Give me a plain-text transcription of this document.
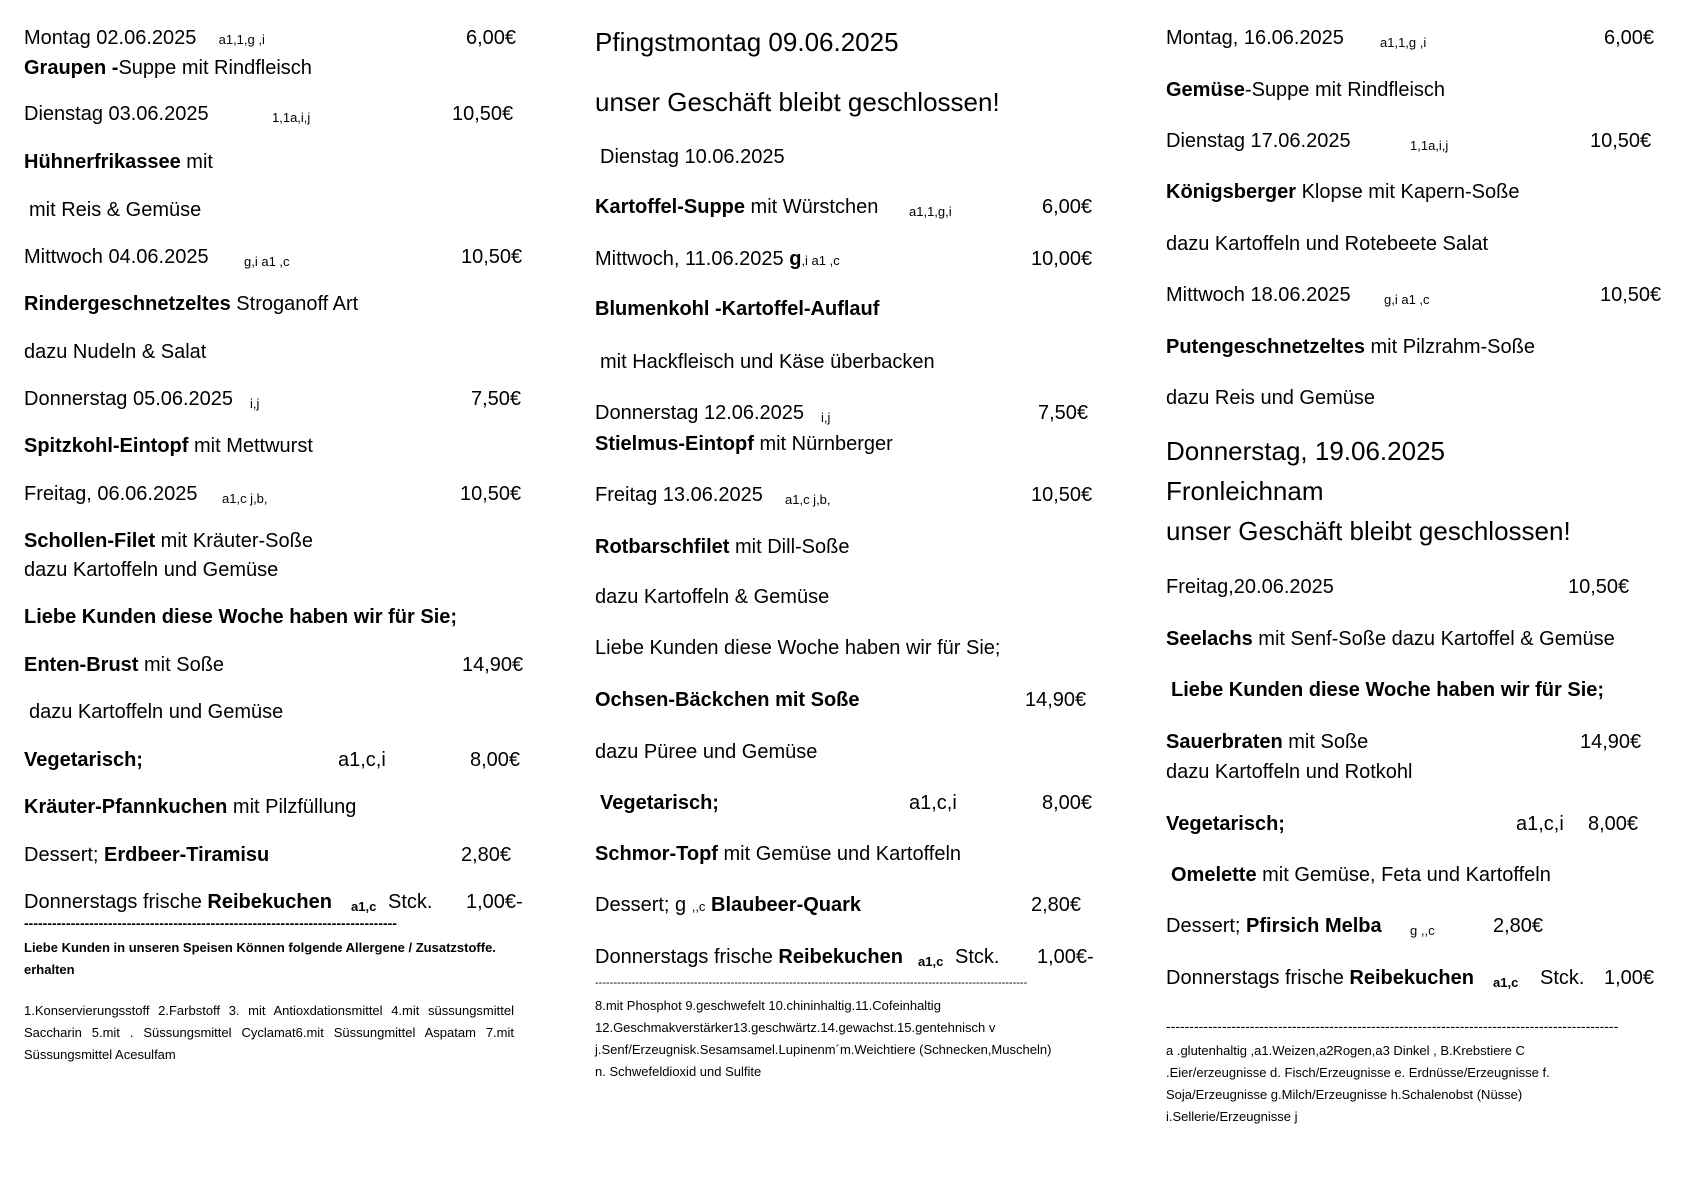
Montag 02.06.2025 a1,1,g ,i	6,00€
Graupen -Suppe mit Rindfleisch
Dienstag 03.06.2025	1,1a,i,j	10,50€
Hühnerfrikassee mit
mit Reis & Gemüse
Mittwoch 04.06.2025	g,i a1 ,c	10,50€
Rindergeschnetzeltes Stroganoff Art
dazu Nudeln & Salat
Donnerstag 05.06.2025 i,j	7,50€
Spitzkohl-Eintopf mit Mettwurst
Freitag, 06.06.2025 a1,c j,b,	10,50€
Schollen-Filet mit Kräuter-Soße
dazu Kartoffeln und Gemüse
Liebe Kunden diese Woche haben wir für Sie;
Enten-Brust mit Soße	14,90€
dazu Kartoffeln und Gemüse
Vegetarisch;	a1,c,i	8,00€
Kräuter-Pfannkuchen mit Pilzfüllung
Dessert; Erdbeer-Tiramisu	2,80€
Donnerstags frische Reibekuchen a1,c Stck. 1,00€-
--------------------------------------------------------------------------------
Liebe Kunden in unseren Speisen Können folgende Allergene / Zusatzstoffe. erhalten
1.Konservierungsstoff 2.Farbstoff 3. mit Antioxdationsmittel 4.mit süssungsmittel Saccharin 5.mit . Süssungsmittel Cyclamat6.mit Süssungmittel Aspatam 7.mit Süssungsmittel Acesulfam
Pfingstmontag 09.06.2025
unser Geschäft bleibt geschlossen!
Dienstag 10.06.2025
Kartoffel-Suppe mit Würstchen a1,1,g,i	6,00€
Mittwoch, 11.06.2025 g,i a1 ,c	10,00€
Blumenkohl -Kartoffel-Auflauf
mit Hackfleisch und Käse überbacken
Donnerstag 12.06.2025 i,j	7,50€
Stielmus-Eintopf mit Nürnberger
Freitag 13.06.2025 a1,c j,b,	10,50€
Rotbarschfilet mit Dill-Soße
dazu Kartoffeln & Gemüse
Liebe Kunden diese Woche haben wir für Sie;
Ochsen-Bäckchen mit Soße	14,90€
dazu Püree und Gemüse
Vegetarisch;	a1,c,i	8,00€
Schmor-Topf mit Gemüse und Kartoffeln
Dessert; g ,,c Blaubeer-Quark	2,80€
Donnerstags frische Reibekuchen a1,c Stck. 1,00€-
----------------------------------------------------------------------------------------------------------------------
8.mit Phosphot 9.geschwefelt 10.chininhaltig.11.Cofeinhaltig 12.Geschmakverstärker13.geschwärtz.14.gewachst.15.gentehnisch v j.Senf/Erzeugnisk.Sesamsamel.Lupinenm´m.Weichtiere (Schnecken,Muscheln) n. Schwefeldioxid und Sulfite
Montag, 16.06.2025	a1,1,g ,i	6,00€
Gemüse-Suppe mit Rindfleisch
Dienstag 17.06.2025	1,1a,i,j	10,50€
Königsberger Klopse mit Kapern-Soße
dazu Kartoffeln und Rotebeete Salat
Mittwoch 18.06.2025	g,i a1 ,c	10,50€
Putengeschnetzeltes mit Pilzrahm-Soße
dazu Reis und Gemüse
Donnerstag, 19.06.2025
Fronleichnam
unser Geschäft bleibt geschlossen!
Freitag,20.06.2025	10,50€
Seelachs mit Senf-Soße dazu Kartoffel & Gemüse
Liebe Kunden diese Woche haben wir für Sie;
Sauerbraten mit Soße	14,90€
dazu Kartoffeln und Rotkohl
Vegetarisch;	a1,c,i 8,00€
Omelette mit Gemüse, Feta und Kartoffeln
Dessert; Pfirsich Melba g ,,c	2,80€
Donnerstags frische Reibekuchen a1,c Stck. 1,00€
-------------------------------------------------------------------------------------------------
a .glutenhaltig ,a1.Weizen,a2Rogen,a3 Dinkel , B.Krebstiere C .Eier/erzeugnisse d. Fisch/Erzeugnisse e. Erdnüsse/Erzeugnisse f. Soja/Erzeugnisse g.Milch/Erzeugnisse h.Schalenobst (Nüsse) i.Sellerie/Erzeugnisse j
